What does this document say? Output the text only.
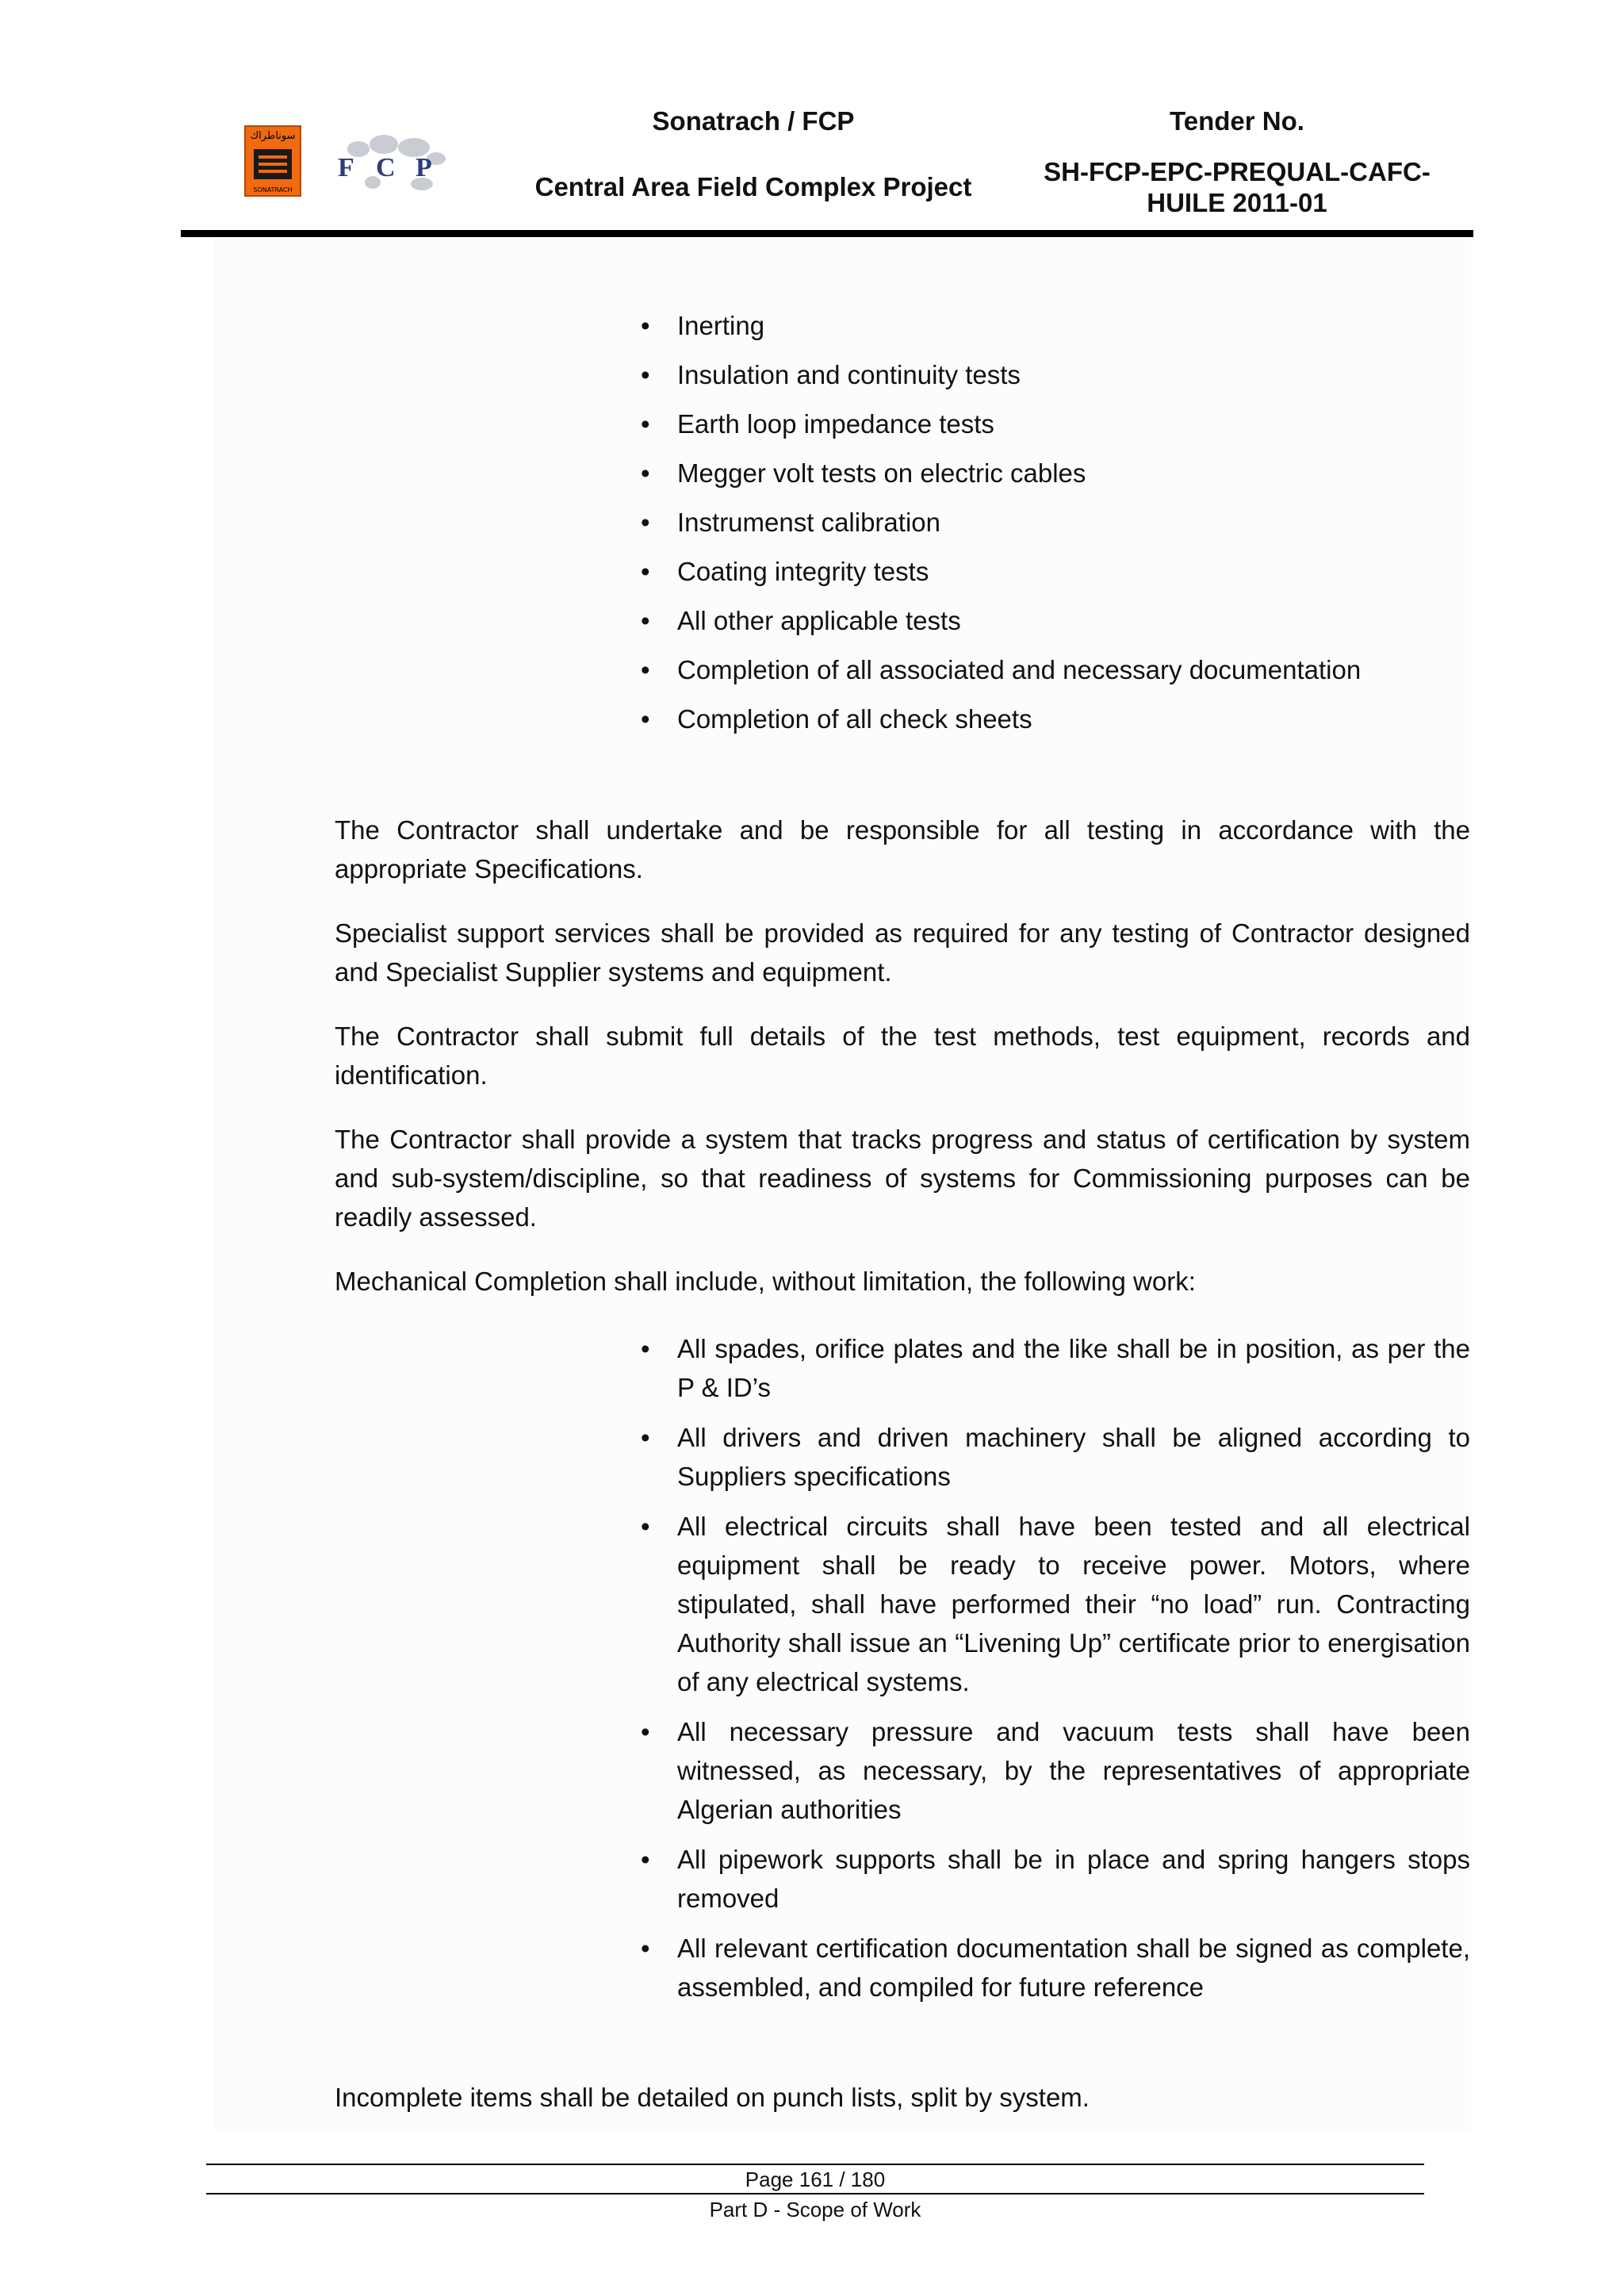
سوناطراك
SONATRACH
F C P
Sonatrach / FCP
Central Area Field Complex Project
Tender No.
SH-FCP-EPC-PREQUAL-CAFC-
HUILE 2011-01
• Inerting
• Insulation and continuity tests
• Earth loop impedance tests
• Megger volt tests on electric cables
• Instrumenst calibration
• Coating integrity tests
• All other applicable tests
• Completion of all associated and necessary documentation
• Completion of all check sheets

The Contractor shall undertake and be responsible for all testing in accordance with the appropriate Specifications.

Specialist support services shall be provided as required for any testing of Contractor designed and Specialist Supplier systems and equipment.

The Contractor shall submit full details of the test methods, test equipment, records and identification.

The Contractor shall provide a system that tracks progress and status of certification by system and sub-system/discipline, so that readiness of systems for Commissioning purposes can be readily assessed.

Mechanical Completion shall include, without limitation, the following work:

• All spades, orifice plates and the like shall be in position, as per the P & ID’s
• All drivers and driven machinery shall be aligned according to Suppliers specifications
• All electrical circuits shall have been tested and all electrical equipment shall be ready to receive power. Motors, where stipulated, shall have performed their “no load” run. Contracting Authority shall issue an “Livening Up” certificate prior to energisation of any electrical systems.
• All necessary pressure and vacuum tests shall have been witnessed, as necessary, by the representatives of appropriate Algerian authorities
• All pipework supports shall be in place and spring hangers stops removed
• All relevant certification documentation shall be signed as complete, assembled, and compiled for future reference

Incomplete items shall be detailed on punch lists, split by system.

Page 161 / 180
Part D - Scope of Work
